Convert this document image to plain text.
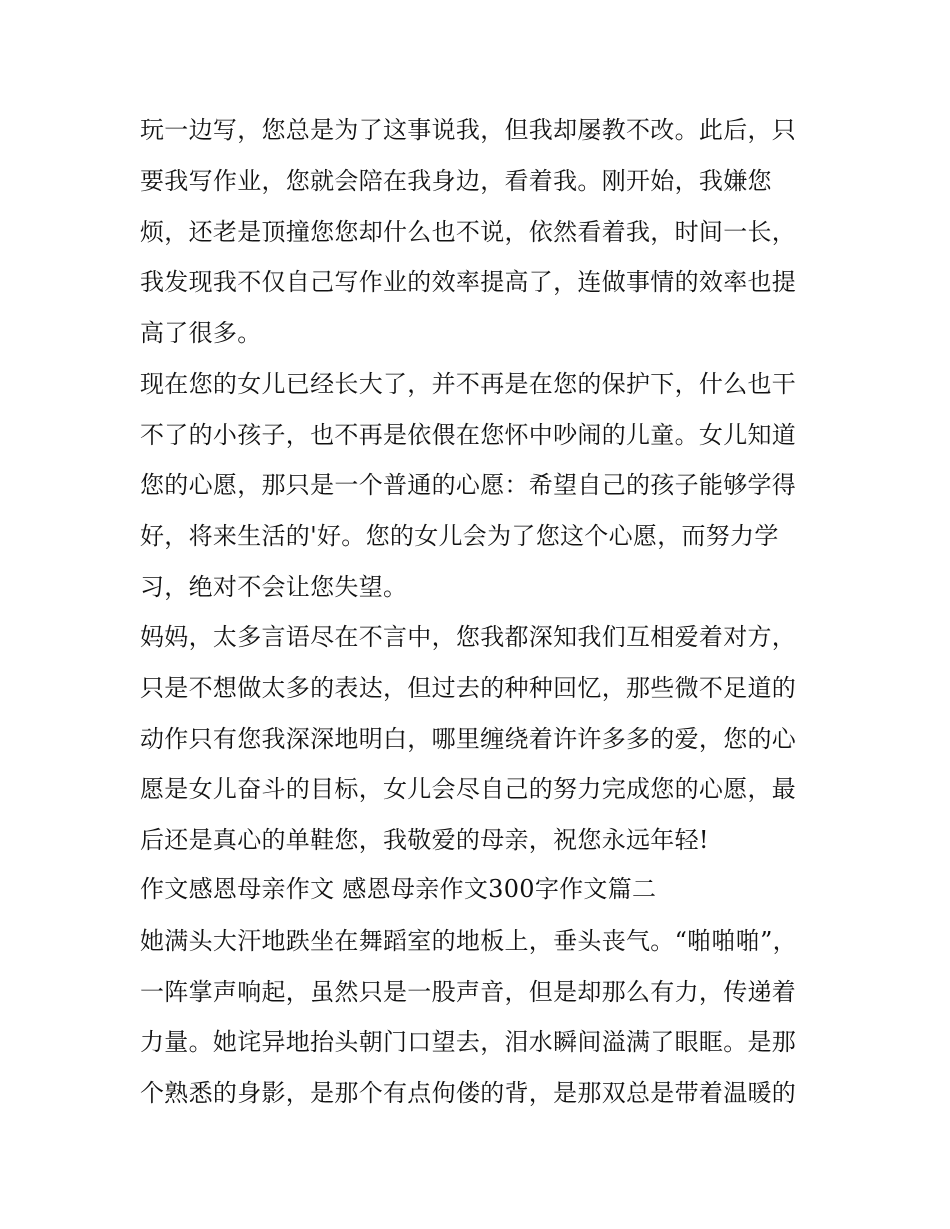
玩一边写，您总是为了这事说我，但我却屡教不改。此后，只
要我写作业，您就会陪在我身边，看着我。刚开始，我嫌您
烦，还老是顶撞您您却什么也不说，依然看着我，时间一长，
我发现我不仅自己写作业的效率提高了，连做事情的效率也提
高了很多。
现在您的女儿已经长大了，并不再是在您的保护下，什么也干
不了的小孩子，也不再是依偎在您怀中吵闹的儿童。女儿知道
您的心愿，那只是一个普通的心愿：希望自己的孩子能够学得
好，将来生活的'好。您的女儿会为了您这个心愿，而努力学
习，绝对不会让您失望。
妈妈，太多言语尽在不言中，您我都深知我们互相爱着对方，
只是不想做太多的表达，但过去的种种回忆，那些微不足道的
动作只有您我深深地明白，哪里缠绕着许许多多的爱，您的心
愿是女儿奋斗的目标，女儿会尽自己的努力完成您的心愿，最
后还是真心的单鞋您，我敬爱的母亲，祝您永远年轻!
作文感恩母亲作文 感恩母亲作文300字作文篇二
她满头大汗地跌坐在舞蹈室的地板上，垂头丧气。“啪啪啪”，
一阵掌声响起，虽然只是一股声音，但是却那么有力，传递着
力量。她诧异地抬头朝门口望去，泪水瞬间溢满了眼眶。是那
个熟悉的身影，是那个有点佝偻的背，是那双总是带着温暖的
